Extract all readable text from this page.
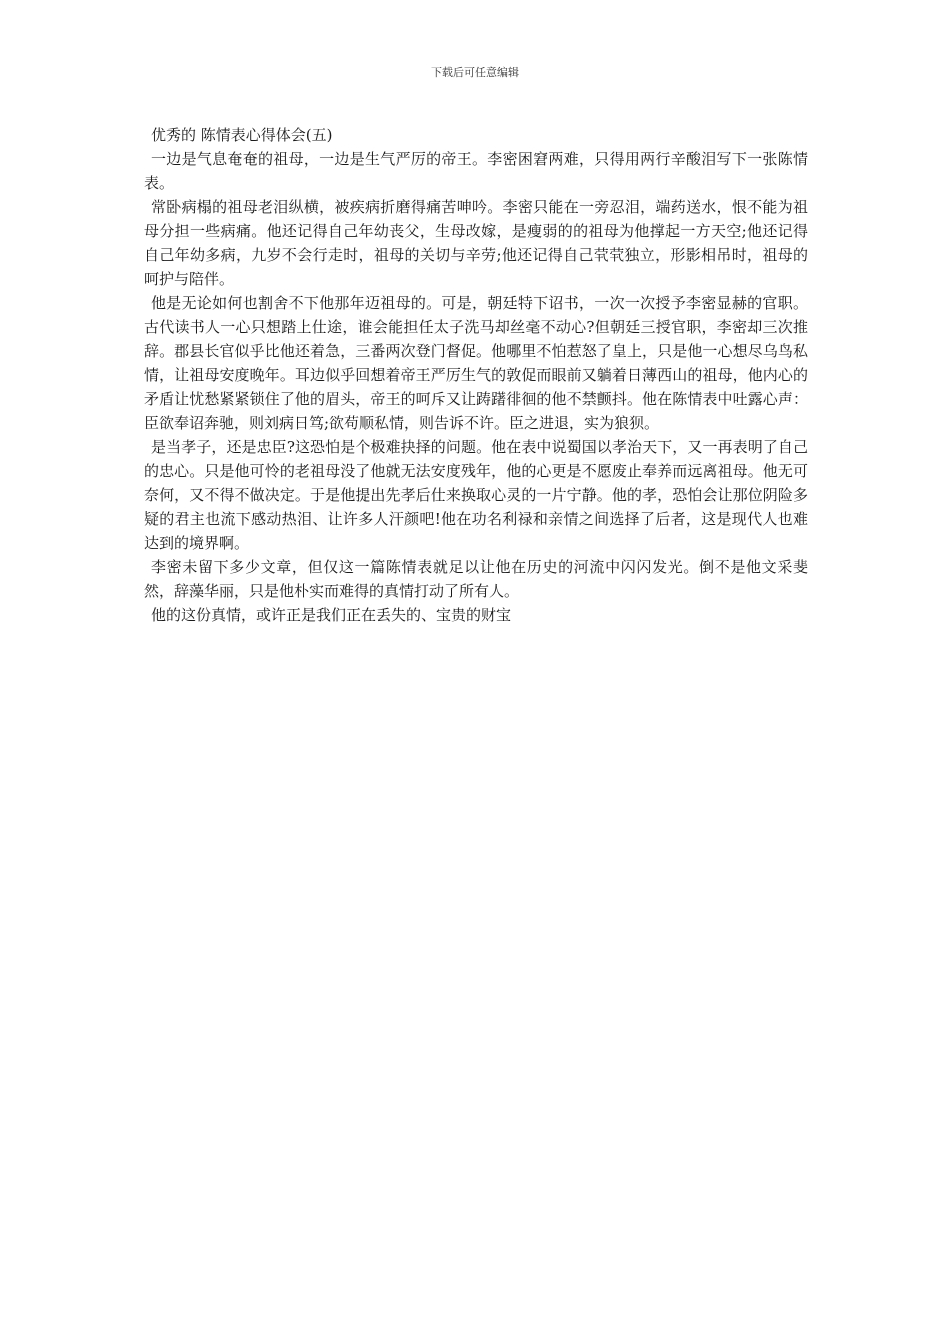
下载后可任意编辑
优秀的 陈情表心得体会(五)

一边是气息奄奄的祖母，一边是生气严厉的帝王。李密困窘两难，只得用两行辛酸泪写下一张陈情表。

常卧病榻的祖母老泪纵横，被疾病折磨得痛苦呻吟。李密只能在一旁忍泪，端药送水，恨不能为祖母分担一些病痛。他还记得自己年幼丧父，生母改嫁，是瘦弱的的祖母为他撑起一方天空;他还记得自己年幼多病，九岁不会行走时，祖母的关切与辛劳;他还记得自己茕茕独立，形影相吊时，祖母的呵护与陪伴。

他是无论如何也割舍不下他那年迈祖母的。可是，朝廷特下诏书，一次一次授予李密显赫的官职。古代读书人一心只想踏上仕途，谁会能担任太子洗马却丝毫不动心?但朝廷三授官职，李密却三次推辞。郡县长官似乎比他还着急，三番两次登门督促。他哪里不怕惹怒了皇上，只是他一心想尽乌鸟私情，让祖母安度晚年。耳边似乎回想着帝王严厉生气的敦促而眼前又躺着日薄西山的祖母，他内心的矛盾让忧愁紧紧锁住了他的眉头，帝王的呵斥又让踌躇徘徊的他不禁颤抖。他在陈情表中吐露心声： 臣欲奉诏奔驰，则刘病日笃;欲苟顺私情，则告诉不许。臣之进退，实为狼狈。

是当孝子，还是忠臣?这恐怕是个极难抉择的问题。他在表中说蜀国以孝治天下，又一再表明了自己的忠心。只是他可怜的老祖母没了他就无法安度残年，他的心更是不愿废止奉养而远离祖母。他无可奈何，又不得不做决定。于是他提出先孝后仕来换取心灵的一片宁静。他的孝，恐怕会让那位阴险多疑的君主也流下感动热泪、让许多人汗颜吧!他在功名利禄和亲情之间选择了后者，这是现代人也难达到的境界啊。

李密未留下多少文章，但仅这一篇陈情表就足以让他在历史的河流中闪闪发光。倒不是他文采斐然，辞藻华丽，只是他朴实而难得的真情打动了所有人。

他的这份真情，或许正是我们正在丢失的、宝贵的财宝
